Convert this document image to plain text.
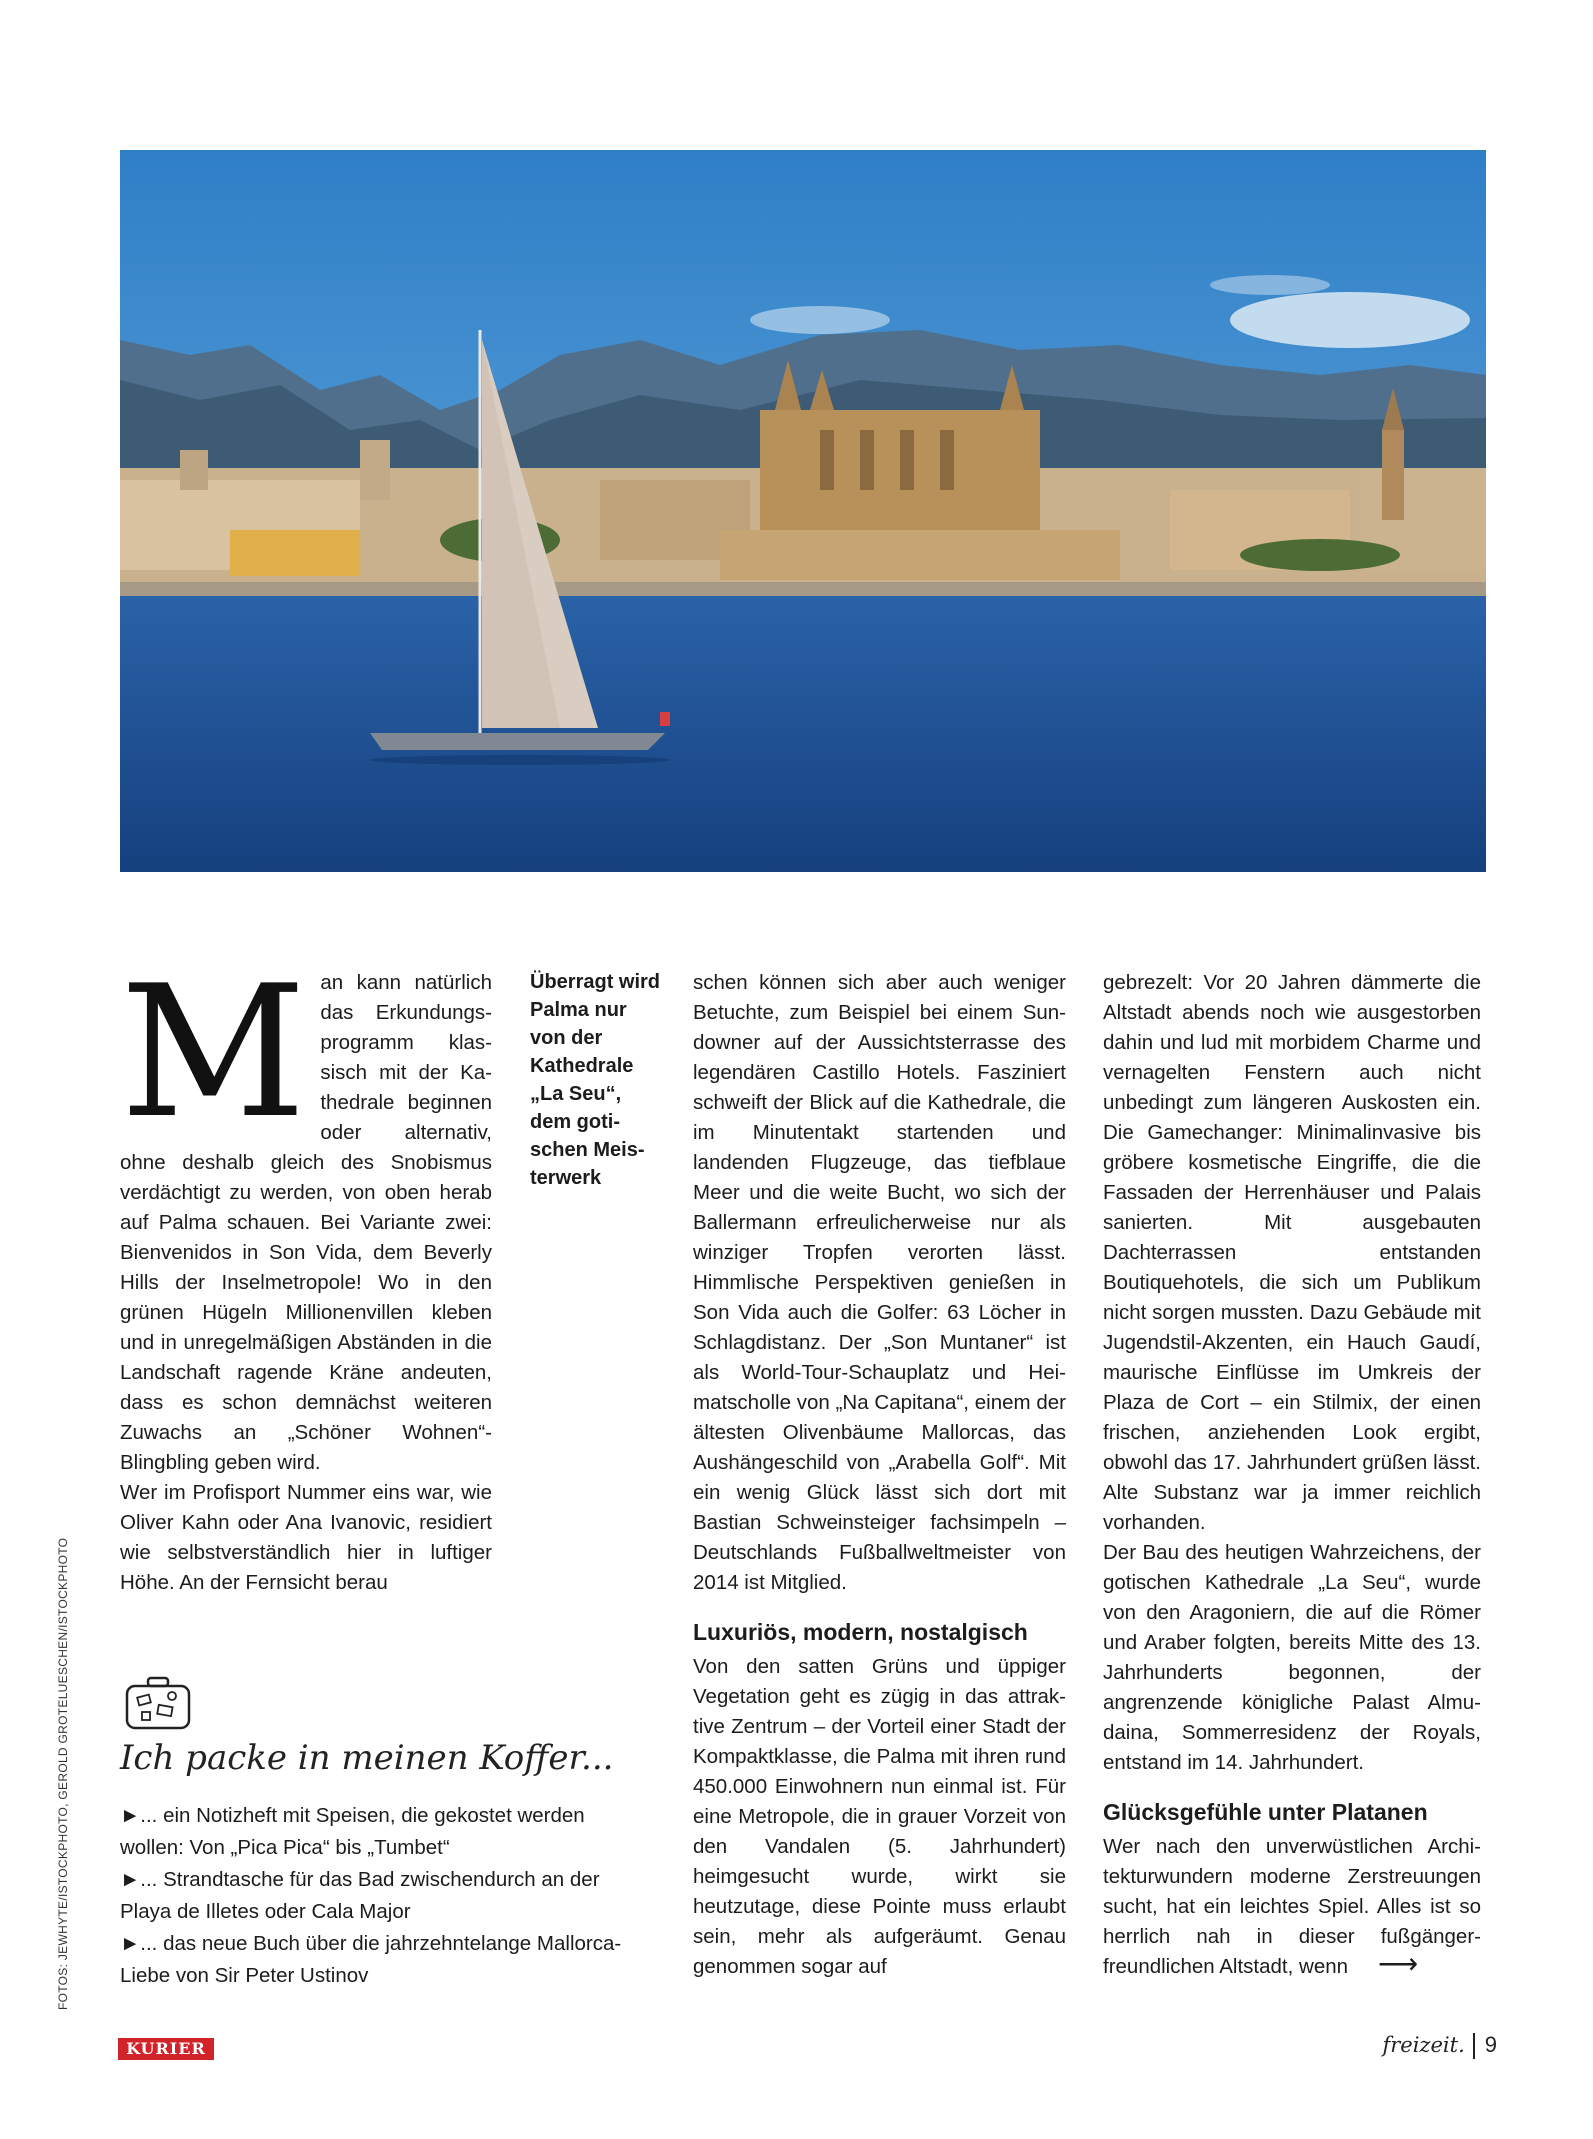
FOTOS: JEWHYTE/ISTOCKPHOTO, GEROLD GROTELUESCHEN/ISTOCKPHOTO

Man kann natürlich das Erkundungsprogramm klassisch mit der Kathedrale beginnen oder alternativ, ohne deshalb gleich des Snobismus verdächtigt zu werden, von oben herab auf Palma schauen. Bei Variante zwei: Bienvenidos in Son Vida, dem Beverly Hills der Inselmetropole! Wo in den grünen Hügeln Millionenvillen kleben und in unregelmäßigen Abständen in die Landschaft ragende Kräne andeuten, dass es schon demnächst weiteren Zuwachs an „Schöner Wohnen“-Blingbling geben wird.

Wer im Profisport Nummer eins war, wie Oliver Kahn oder Ana Ivanovic, residiert wie selbstverständlich hier in luftiger Höhe. An der Fernsicht berau

Überragt wird Palma nur von der Kathedrale „La Seu“, dem gotischen Meisterwerk

schen können sich aber auch weniger Betuchte, zum Beispiel bei einem Sundowner auf der Aussichtsterrasse des legendären Castillo Hotels. Fasziniert schweift der Blick auf die Kathedrale, die im Minutentakt startenden und landenden Flugzeuge, das tiefblaue Meer und die weite Bucht, wo sich der Ballermann erfreulicherweise nur als winziger Tropfen verorten lässt. Himmlische Perspektiven genießen in Son Vida auch die Golfer: 63 Löcher in Schlagdistanz. Der „Son Muntaner“ ist als World-Tour-Schauplatz und Heimatscholle von „Na Capitana“, einem der ältesten Olivenbäume Mallorcas, das Aushängeschild von „Arabella Golf“. Mit ein wenig Glück lässt sich dort mit Bastian Schweinsteiger fachsimpeln – Deutschlands Fußballweltmeister von 2014 ist Mitglied.

Luxuriös, modern, nostalgisch

Von den satten Grüns und üppiger Vegetation geht es zügig in das attraktive Zentrum – der Vorteil einer Stadt der Kompaktklasse, die Palma mit ihren rund 450.000 Einwohnern nun einmal ist. Für eine Metropole, die in grauer Vorzeit von den Vandalen (5. Jahrhundert) heimgesucht wurde, wirkt sie heutzutage, diese Pointe muss erlaubt sein, mehr als aufgeräumt. Genau genommen sogar auf

gebrezelt: Vor 20 Jahren dämmerte die Altstadt abends noch wie ausgestorben dahin und lud mit morbidem Charme und vernagelten Fenstern auch nicht unbedingt zum längeren Auskosten ein. Die Gamechanger: Minimalinvasive bis gröbere kosmetische Eingriffe, die die Fassaden der Herrenhäuser und Palais sanierten. Mit ausgebauten Dachterrassen entstanden Boutiquehotels, die sich um Publikum nicht sorgen mussten. Dazu Gebäude mit Jugendstil-Akzenten, ein Hauch Gaudí, maurische Einflüsse im Umkreis der Plaza de Cort – ein Stilmix, der einen frischen, anziehenden Look ergibt, obwohl das 17. Jahrhundert grüßen lässt. Alte Substanz war ja immer reichlich vorhanden.

Der Bau des heutigen Wahrzeichens, der gotischen Kathedrale „La Seu“, wurde von den Aragoniern, die auf die Römer und Araber folgten, bereits Mitte des 13. Jahrhunderts begonnen, der angrenzende königliche Palast Almudaina, Sommerresidenz der Royals, entstand im 14. Jahrhundert.

Glücksgefühle unter Platanen

Wer nach den unverwüstlichen Architekturwundern moderne Zerstreuungen sucht, hat ein leichtes Spiel. Alles ist so herrlich nah in dieser fußgängerfreundlichen Altstadt, wenn ⟶

Ich packe in meinen Koffer...
►... ein Notizheft mit Speisen, die gekostet werden wollen: Von „Pica Pica“ bis „Tumbet“
►... Strandtasche für das Bad zwischendurch an der Playa de Illetes oder Cala Major
►... das neue Buch über die jahrzehntelange Mallorca-Liebe von Sir Peter Ustinov
KURIER	freizeit. 9
